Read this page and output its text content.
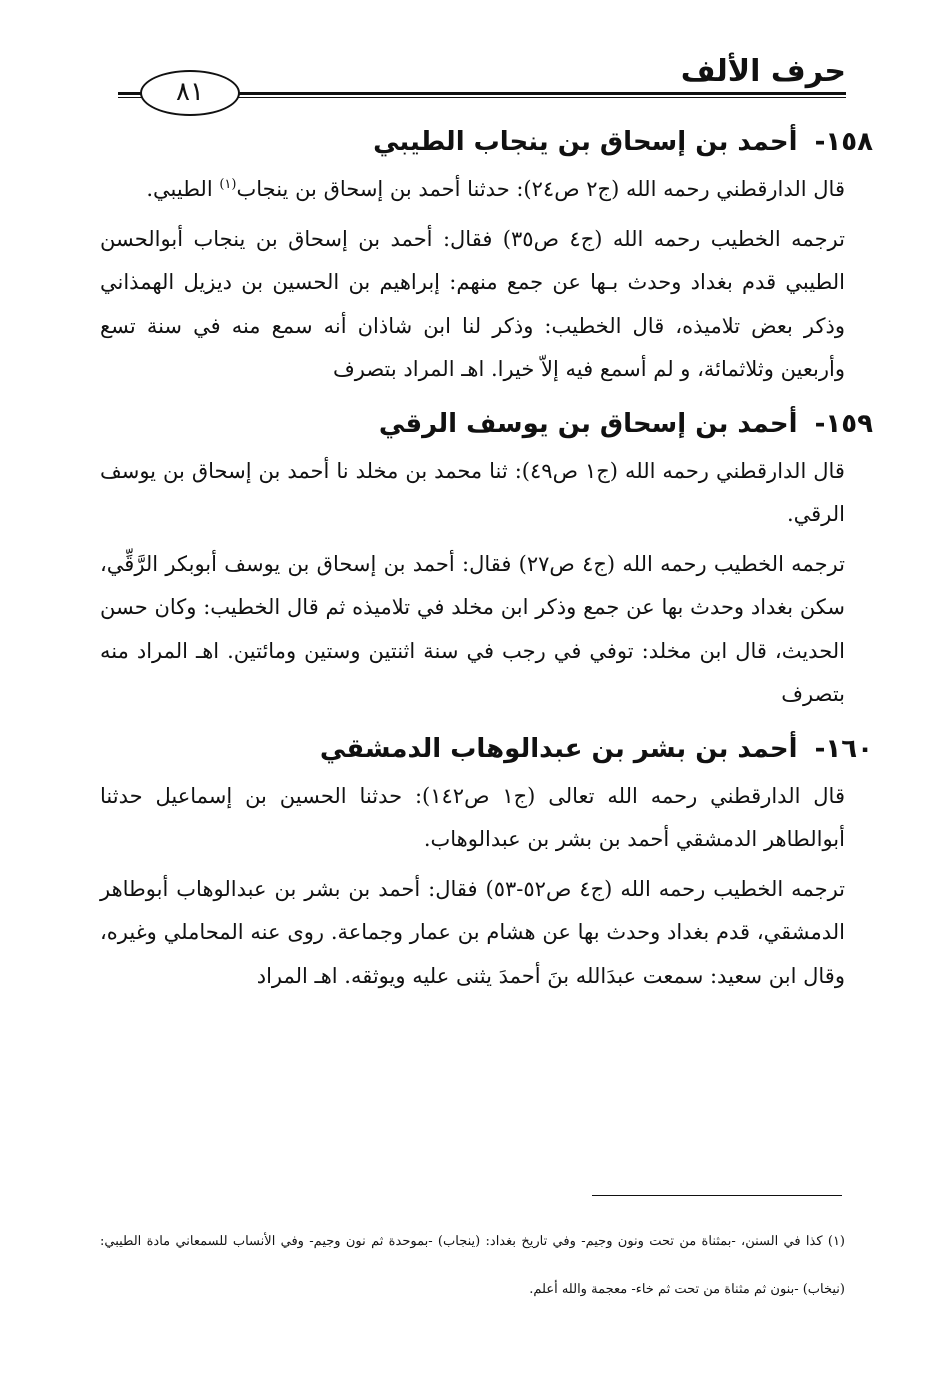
حرف الألف
٨١
١٥٨- أحمد بن إسحاق بن ينجاب الطيبي

قال الدارقطني رحمه الله (ج٢ ص٢٤): حدثنا أحمد بن إسحاق بن ينجاب$^{(١)}$ الطيبي.

ترجمه الخطيب رحمه الله (ج٤ ص٣٥) فقال: أحمد بن إسحاق بن ينجاب أبوالحسن الطيبي قدم بغداد وحدث بـها عن جمع منهم: إبراهيم بن الحسين بن ديزيل الهمذاني وذكر بعض تلاميذه، قال الخطيب: وذكر لنا ابن شاذان أنه سمع منه في سنة تسع وأربعين وثلاثمائة، و لم أسمع فيه إلاّ خيرا. اهـ المراد بتصرف

١٥٩- أحمد بن إسحاق بن يوسف الرقي

قال الدارقطني رحمه الله (ج١ ص٤٩): ثنا محمد بن مخلد نا أحمد بن إسحاق بن يوسف الرقي.

ترجمه الخطيب رحمه الله (ج٤ ص٢٧) فقال: أحمد بن إسحاق بن يوسف أبوبكر الرَّقِّي، سكن بغداد وحدث بها عن جمع وذكر ابن مخلد في تلاميذه ثم قال الخطيب: وكان حسن الحديث، قال ابن مخلد: توفي في رجب في سنة اثنتين وستين ومائتين. اهـ المراد منه بتصرف

١٦٠- أحمد بن بشر بن عبدالوهاب الدمشقي

قال الدارقطني رحمه الله تعالى (ج١ ص١٤٢): حدثنا الحسين بن إسماعيل حدثنا أبوالطاهر الدمشقي أحمد بن بشر بن عبدالوهاب.

ترجمه الخطيب رحمه الله (ج٤ ص٥٢-٥٣) فقال: أحمد بن بشر بن عبدالوهاب أبوطاهر الدمشقي، قدم بغداد وحدث بها عن هشام بن عمار وجماعة. روى عنه المحاملي وغيره، وقال ابن سعيد: سمعت عبدَالله بنَ أحمدَ يثنى عليه ويوثقه. اهـ المراد

(١) كذا في السنن، -بمثناة من تحت ونون وجيم- وفي تاريخ بغداد: (ينجاب) -بموحدة ثم نون وجيم- وفي الأنساب للسمعاني مادة الطيبي: (نيخاب) -بنون ثم مثناة من تحت ثم خاء- معجمة والله أعلم.
